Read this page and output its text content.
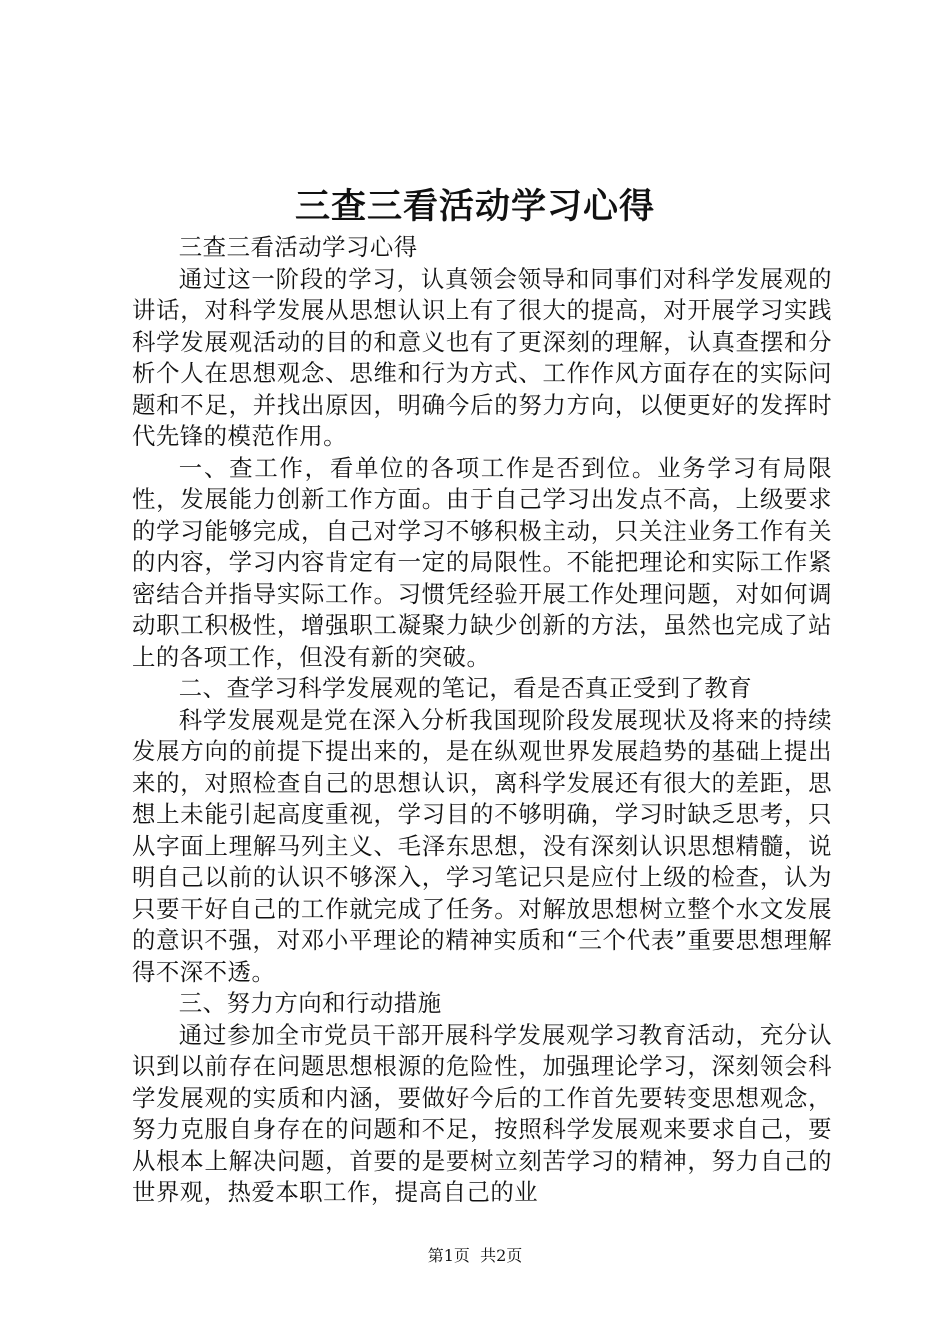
三查三看活动学习心得

三查三看活动学习心得

通过这一阶段的学习，认真领会领导和同事们对科学发展观的讲话，对科学发展从思想认识上有了很大的提高，对开展学习实践科学发展观活动的目的和意义也有了更深刻的理解，认真查摆和分析个人在思想观念、思维和行为方式、工作作风方面存在的实际问题和不足，并找出原因，明确今后的努力方向，以便更好的发挥时代先锋的模范作用。

一、查工作，看单位的各项工作是否到位。业务学习有局限性，发展能力创新工作方面。由于自己学习出发点不高，上级要求的学习能够完成，自己对学习不够积极主动，只关注业务工作有关的内容，学习内容肯定有一定的局限性。不能把理论和实际工作紧密结合并指导实际工作。习惯凭经验开展工作处理问题，对如何调动职工积极性，增强职工凝聚力缺少创新的方法，虽然也完成了站上的各项工作，但没有新的突破。

二、查学习科学发展观的笔记，看是否真正受到了教育

科学发展观是党在深入分析我国现阶段发展现状及将来的持续发展方向的前提下提出来的，是在纵观世界发展趋势的基础上提出来的，对照检查自己的思想认识，离科学发展还有很大的差距，思想上未能引起高度重视，学习目的不够明确，学习时缺乏思考，只从字面上理解马列主义、毛泽东思想，没有深刻认识思想精髓，说明自己以前的认识不够深入，学习笔记只是应付上级的检查，认为只要干好自己的工作就完成了任务。对解放思想树立整个水文发展的意识不强，对邓小平理论的精神实质和“三个代表”重要思想理解得不深不透。

三、努力方向和行动措施

通过参加全市党员干部开展科学发展观学习教育活动，充分认识到以前存在问题思想根源的危险性，加强理论学习，深刻领会科学发展观的实质和内涵，要做好今后的工作首先要转变思想观念，努力克服自身存在的问题和不足，按照科学发展观来要求自己，要从根本上解决问题，首要的是要树立刻苦学习的精神，努力自己的世界观，热爱本职工作，提高自己的业

第1页  共2页
